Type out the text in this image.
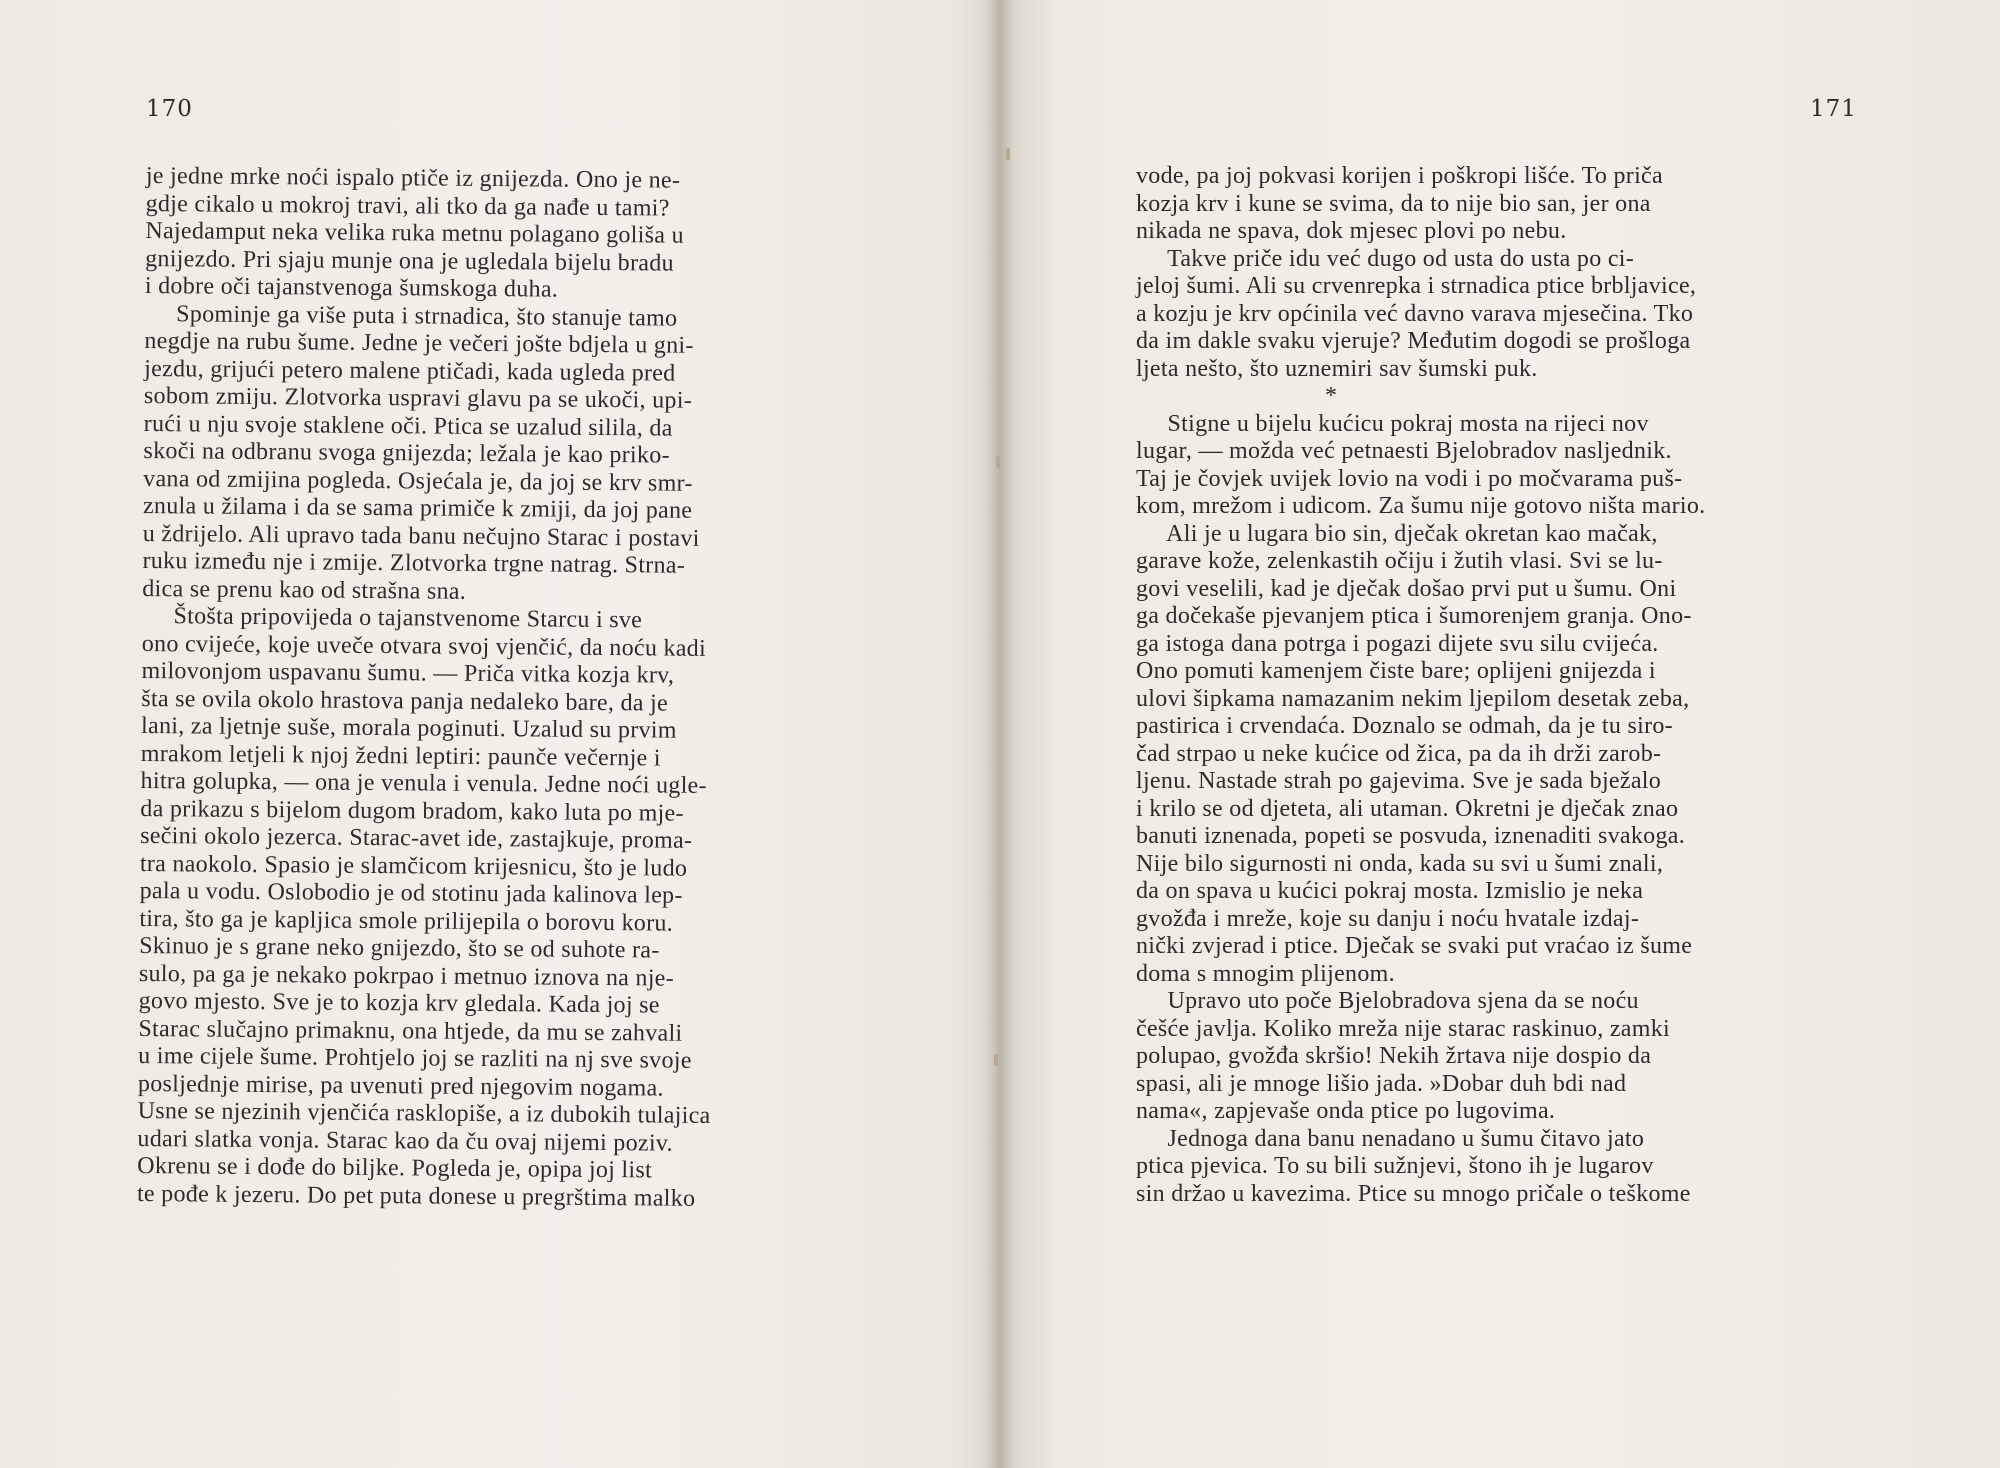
170
je jedne mrke noći ispalo ptiče iz gnijezda. Ono je ne-
gdje cikalo u mokroj travi, ali tko da ga nađe u tami?
Najedamput neka velika ruka metnu polagano goliša u
gnijezdo. Pri sjaju munje ona je ugledala bijelu bradu
i dobre oči tajanstvenoga šumskoga duha.
Spominje ga više puta i strnadica, što stanuje tamo
negdje na rubu šume. Jedne je večeri jošte bdjela u gni-
jezdu, grijući petero malene ptičadi, kada ugleda pred
sobom zmiju. Zlotvorka uspravi glavu pa se ukoči, upi-
rući u nju svoje staklene oči. Ptica se uzalud silila, da
skoči na odbranu svoga gnijezda; ležala je kao priko-
vana od zmijina pogleda. Osjećala je, da joj se krv smr-
znula u žilama i da se sama primiče k zmiji, da joj pane
u ždrijelo. Ali upravo tada banu nečujno Starac i postavi
ruku između nje i zmije. Zlotvorka trgne natrag. Strna-
dica se prenu kao od strašna sna.
Štošta pripovijeda o tajanstvenome Starcu i sve
ono cvijeće, koje uveče otvara svoj vjenčić, da noću kadi
milovonjom uspavanu šumu. — Priča vitka kozja krv,
šta se ovila okolo hrastova panja nedaleko bare, da je
lani, za ljetnje suše, morala poginuti. Uzalud su prvim
mrakom letjeli k njoj žedni leptiri: paunče večernje i
hitra golupka, — ona je venula i venula. Jedne noći ugle-
da prikazu s bijelom dugom bradom, kako luta po mje-
sečini okolo jezerca. Starac-avet ide, zastajkuje, proma-
tra naokolo. Spasio je slamčicom krijesnicu, što je ludo
pala u vodu. Oslobodio je od stotinu jada kalinova lep-
tira, što ga je kapljica smole prilijepila o borovu koru.
Skinuo je s grane neko gnijezdo, što se od suhote ra-
sulo, pa ga je nekako pokrpao i metnuo iznova na nje-
govo mjesto. Sve je to kozja krv gledala. Kada joj se
Starac slučajno primaknu, ona htjede, da mu se zahvali
u ime cijele šume. Prohtjelo joj se razliti na nj sve svoje
posljednje mirise, pa uvenuti pred njegovim nogama.
Usne se njezinih vjenčića rasklopiše, a iz dubokih tulajica
udari slatka vonja. Starac kao da ču ovaj nijemi poziv.
Okrenu se i dođe do biljke. Pogleda je, opipa joj list
te pođe k jezeru. Do pet puta donese u pregrštima malko
171
vode, pa joj pokvasi korijen i poškropi lišće. To priča
kozja krv i kune se svima, da to nije bio san, jer ona
nikada ne spava, dok mjesec plovi po nebu.
Takve priče idu već dugo od usta do usta po ci-
jeloj šumi. Ali su crvenrepka i strnadica ptice brbljavice,
a kozju je krv općinila već davno varava mjesečina. Tko
da im dakle svaku vjeruje? Međutim dogodi se prošloga
ljeta nešto, što uznemiri sav šumski puk.
*
Stigne u bijelu kućicu pokraj mosta na rijeci nov
lugar, — možda već petnaesti Bjelobradov nasljednik.
Taj je čovjek uvijek lovio na vodi i po močvarama puš-
kom, mrežom i udicom. Za šumu nije gotovo ništa mario.
Ali je u lugara bio sin, dječak okretan kao mačak,
garave kože, zelenkastih očiju i žutih vlasi. Svi se lu-
govi veselili, kad je dječak došao prvi put u šumu. Oni
ga dočekaše pjevanjem ptica i šumorenjem granja. Ono-
ga istoga dana potrga i pogazi dijete svu silu cvijeća.
Ono pomuti kamenjem čiste bare; oplijeni gnijezda i
ulovi šipkama namazanim nekim ljepilom desetak zeba,
pastirica i crvendaća. Doznalo se odmah, da je tu siro-
čad strpao u neke kućice od žica, pa da ih drži zarob-
ljenu. Nastade strah po gajevima. Sve je sada bježalo
i krilo se od djeteta, ali utaman. Okretni je dječak znao
banuti iznenada, popeti se posvuda, iznenaditi svakoga.
Nije bilo sigurnosti ni onda, kada su svi u šumi znali,
da on spava u kućici pokraj mosta. Izmislio je neka
gvožđa i mreže, koje su danju i noću hvatale izdaj-
nički zvjerad i ptice. Dječak se svaki put vraćao iz šume
doma s mnogim plijenom.
Upravo uto poče Bjelobradova sjena da se noću
češće javlja. Koliko mreža nije starac raskinuo, zamki
polupao, gvožđa skršio! Nekih žrtava nije dospio da
spasi, ali je mnoge lišio jada. »Dobar duh bdi nad
nama«, zapjevaše onda ptice po lugovima.
Jednoga dana banu nenadano u šumu čitavo jato
ptica pjevica. To su bili sužnjevi, štono ih je lugarov
sin držao u kavezima. Ptice su mnogo pričale o teškome
